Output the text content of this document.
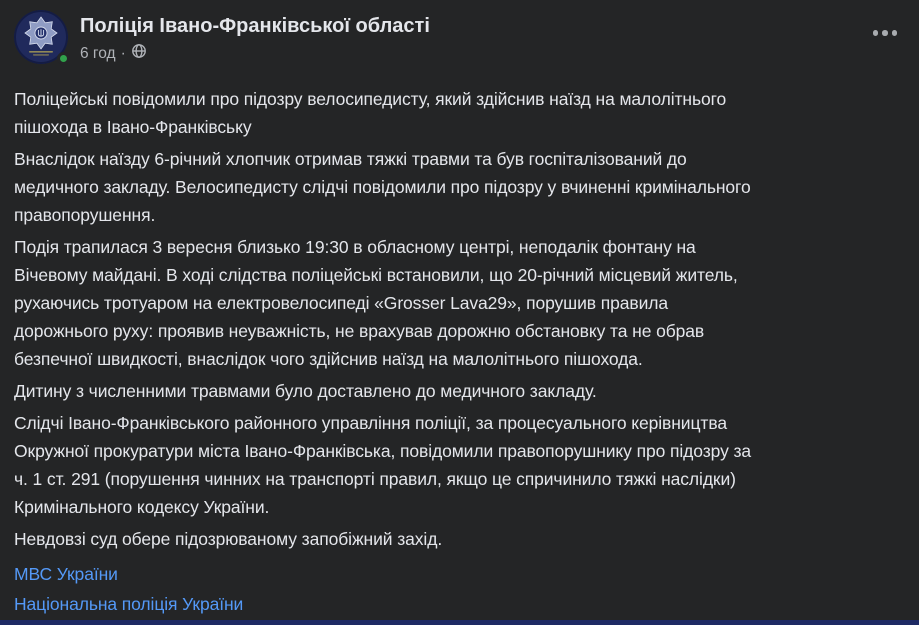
Поліція Івано-Франківської області
6 год ·

Поліцейські повідомили про підозру велосипедисту, який здійснив наїзд на малолітнього
пішохода в Івано-Франківську

Внаслідок наїзду 6-річний хлопчик отримав тяжкі травми та був госпіталізований до
медичного закладу. Велосипедисту слідчі повідомили про підозру у вчиненні кримінального
правопорушення.

Подія трапилася 3 вересня близько 19:30 в обласному центрі, неподалік фонтану на
Вічевому майдані. В ході слідства поліцейські встановили, що 20-річний місцевий житель,
рухаючись тротуаром на електровелосипеді «Grosser Lava29», порушив правила
дорожнього руху: проявив неуважність, не врахував дорожню обстановку та не обрав
безпечної швидкості, внаслідок чого здійснив наїзд на малолітнього пішохода.

Дитину з численними травмами було доставлено до медичного закладу.

Слідчі Івано-Франківського районного управління поліції, за процесуального керівництва
Окружної прокуратури міста Івано-Франківська, повідомили правопорушнику про підозру за
ч. 1 ст. 291 (порушення чинних на транспорті правил, якщо це спричинило тяжкі наслідки)
Кримінального кодексу України.

Невдовзі суд обере підозрюваному запобіжний захід.

МВС України
Національна поліція України
